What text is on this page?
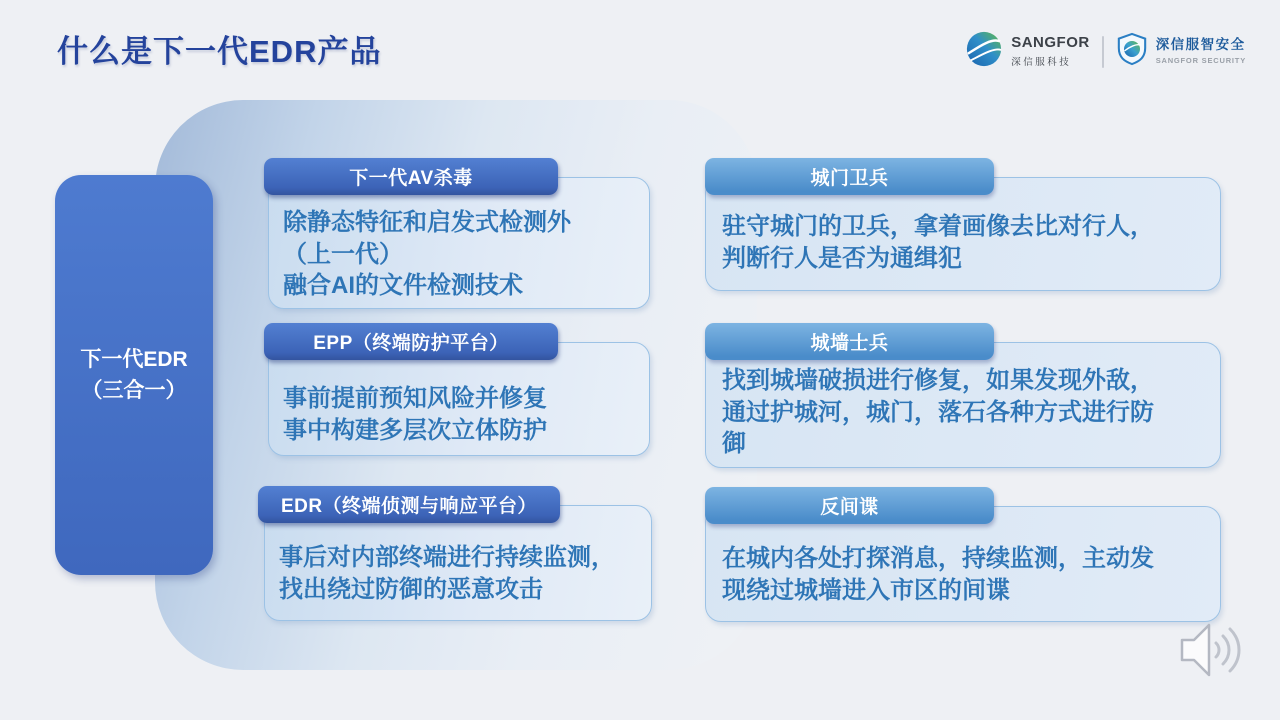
什么是下一代EDR产品	SANGFOR
深信服科技
深信服智安全
SANGFOR SECURITY
下一代EDR
（三合一）
下一代AV杀毒
除静态特征和启发式检测外
（上一代）
融合AI的文件检测技术
EPP（终端防护平台）
事前提前预知风险并修复
事中构建多层次立体防护
EDR（终端侦测与响应平台）
事后对内部终端进行持续监测，
找出绕过防御的恶意攻击
城门卫兵
驻守城门的卫兵，拿着画像去比对行人，
判断行人是否为通缉犯
城墙士兵
找到城墙破损进行修复，如果发现外敌，
通过护城河，城门，落石各种方式进行防
御
反间谍
在城内各处打探消息，持续监测，主动发
现绕过城墙进入市区的间谍
